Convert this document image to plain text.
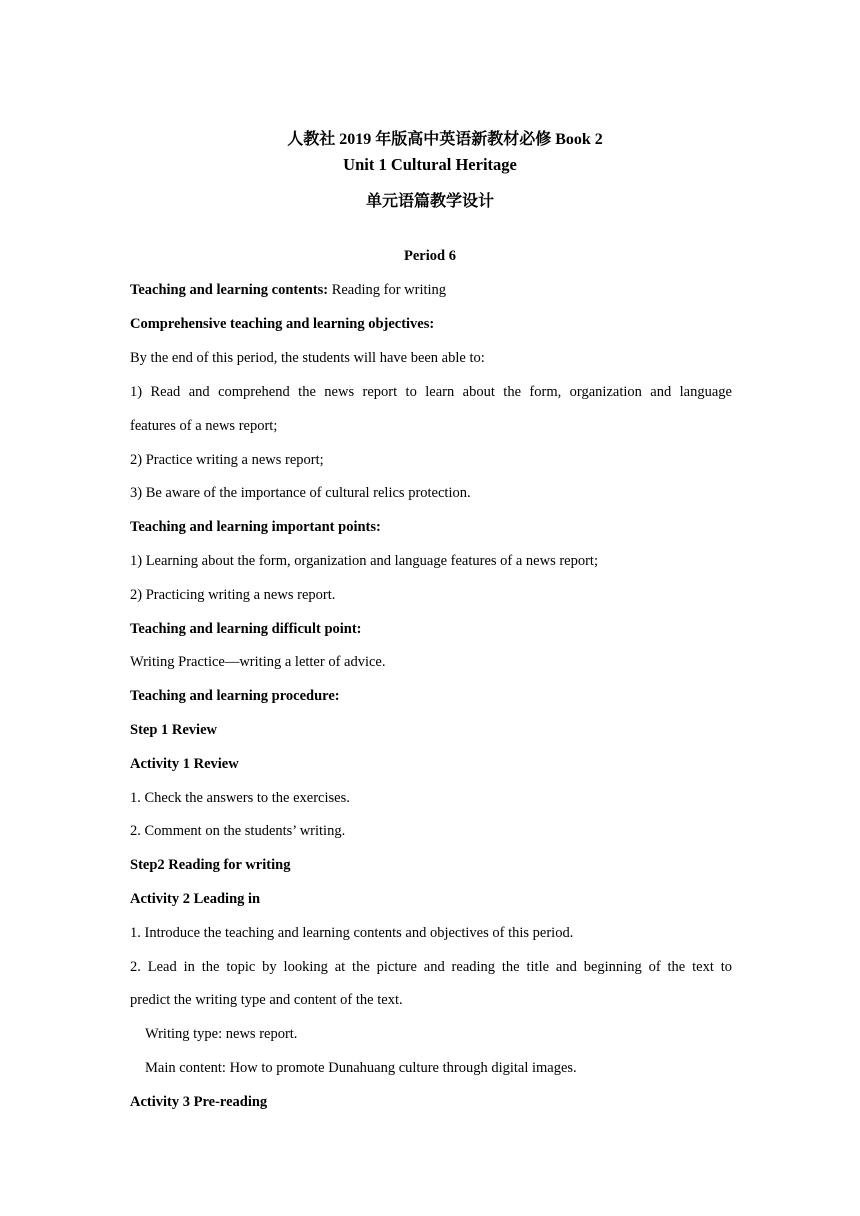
人教社 2019 年版高中英语新教材必修 Book 2
Unit 1 Cultural Heritage
单元语篇教学设计
Period 6
Teaching and learning contents: Reading for writing
Comprehensive teaching and learning objectives:
By the end of this period, the students will have been able to:
1) Read and comprehend the news report to learn about the form, organization and language
features of a news report;
2) Practice writing a news report;
3) Be aware of the importance of cultural relics protection.
Teaching and learning important points:
1) Learning about the form, organization and language features of a news report;
2) Practicing writing a news report.
Teaching and learning difficult point:
Writing Practice—writing a letter of advice.
Teaching and learning procedure:
Step 1 Review
Activity 1 Review
1. Check the answers to the exercises.
2. Comment on the students’ writing.
Step2 Reading for writing
Activity 2 Leading in
1. Introduce the teaching and learning contents and objectives of this period.
2. Lead in the topic by looking at the picture and reading the title and beginning of the text to
predict the writing type and content of the text.
Writing type: news report.
Main content: How to promote Dunahuang culture through digital images.
Activity 3 Pre-reading
